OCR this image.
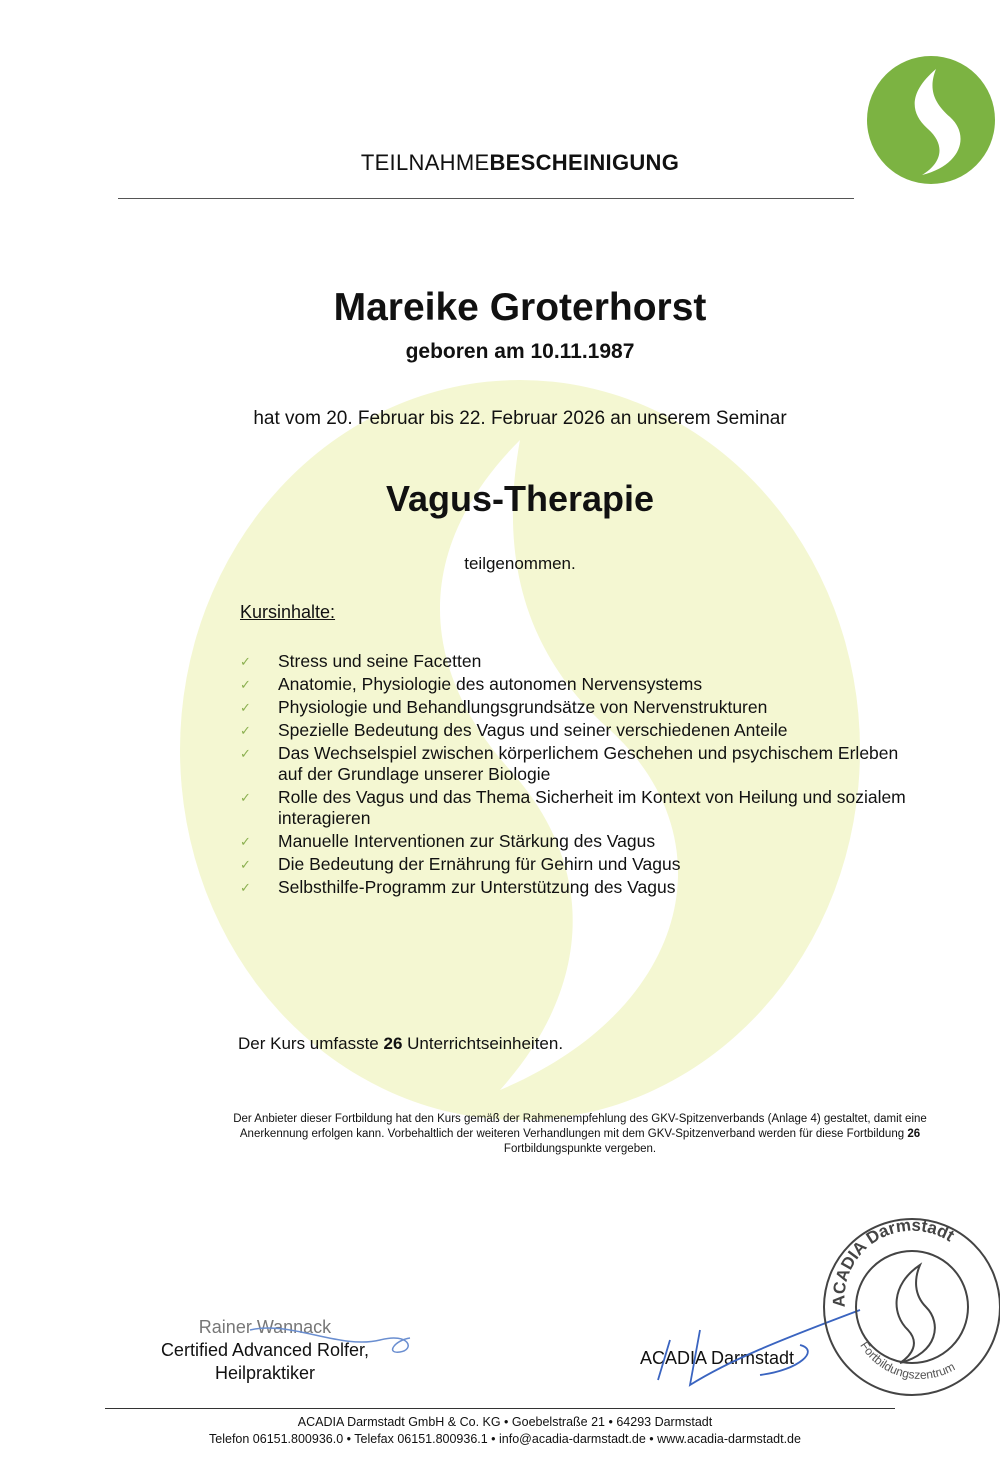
TEILNAHMEBESCHEINIGUNG
Mareike Groterhorst
geboren am 10.11.1987
hat vom 20. Februar bis 22. Februar 2026 an unserem Seminar
Vagus-Therapie
teilgenommen.
Kursinhalte:
✓ Stress und seine Facetten
✓ Anatomie, Physiologie des autonomen Nervensystems
✓ Physiologie und Behandlungsgrundsätze von Nervenstrukturen
✓ Spezielle Bedeutung des Vagus und seiner verschiedenen Anteile
✓ Das Wechselspiel zwischen körperlichem Geschehen und psychischem Erleben auf der Grundlage unserer Biologie
✓ Rolle des Vagus und das Thema Sicherheit im Kontext von Heilung und sozialem interagieren
✓ Manuelle Interventionen zur Stärkung des Vagus
✓ Die Bedeutung der Ernährung für Gehirn und Vagus
✓ Selbsthilfe-Programm zur Unterstützung des Vagus
Der Kurs umfasste 26 Unterrichtseinheiten.
Der Anbieter dieser Fortbildung hat den Kurs gemäß der Rahmenempfehlung des GKV-Spitzenverbands (Anlage 4) gestaltet, damit eine Anerkennung erfolgen kann. Vorbehaltlich der weiteren Verhandlungen mit dem GKV-Spitzenverband werden für diese Fortbildung 26 Fortbildungspunkte vergeben.
Rainer Wannack
Certified Advanced Rolfer,
Heilpraktiker
ACADIA Darmstadt
ACADIA Darmstadt
Fortbildungszentrum
ACADIA Darmstadt GmbH & Co. KG • Goebelstraße 21 • 64293 Darmstadt
Telefon 06151.800936.0 • Telefax 06151.800936.1 • info@acadia-darmstadt.de • www.acadia-darmstadt.de
